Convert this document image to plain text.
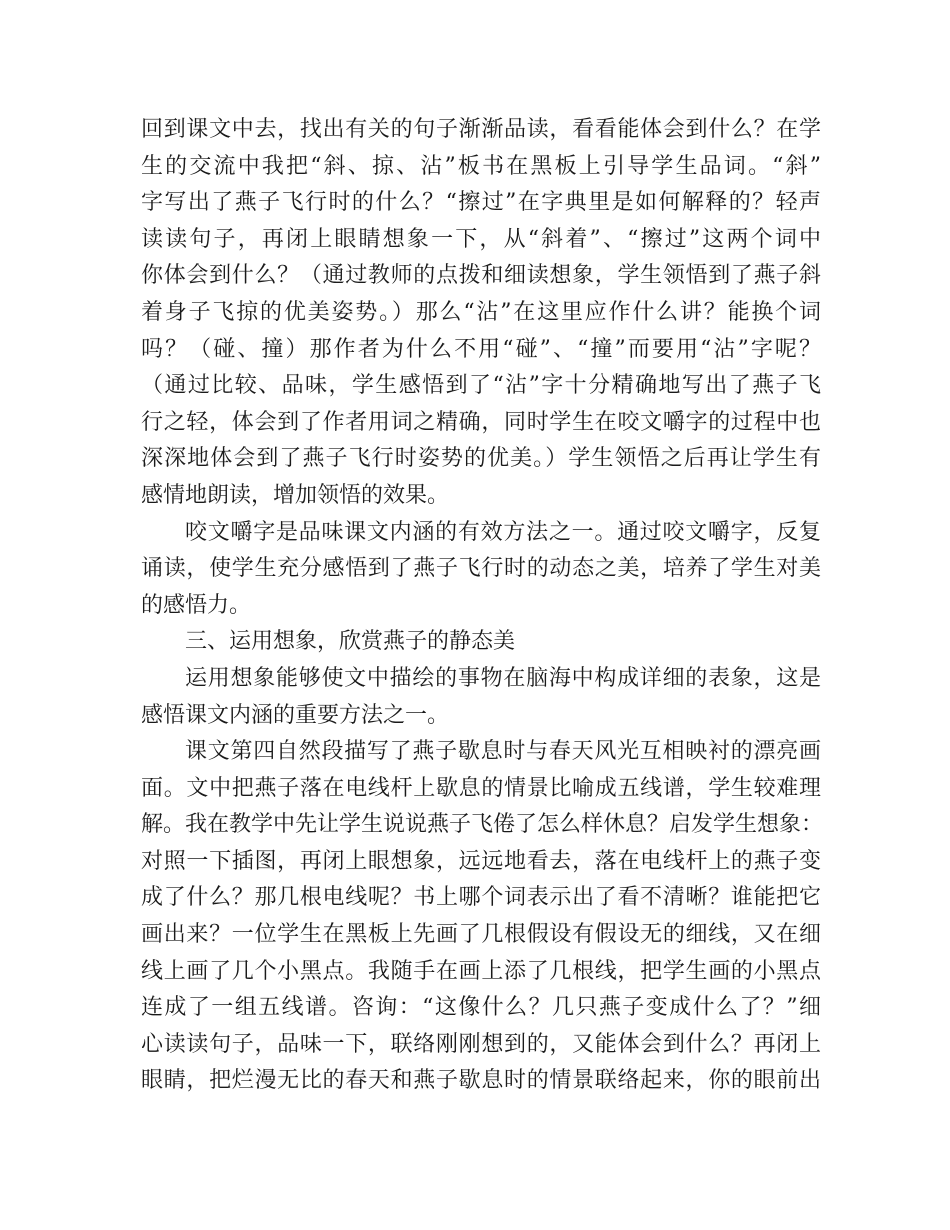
回到课文中去，找出有关的句子渐渐品读，看看能体会到什么？在学
生的交流中我把“斜、掠、沾”板书在黑板上引导学生品词。“斜”
字写出了燕子飞行时的什么？“擦过”在字典里是如何解释的？轻声
读读句子，再闭上眼睛想象一下，从“斜着”、“擦过”这两个词中
你体会到什么？（通过教师的点拨和细读想象，学生领悟到了燕子斜
着身子飞掠的优美姿势。）那么“沾”在这里应作什么讲？能换个词
吗？（碰、撞）那作者为什么不用“碰”、“撞”而要用“沾”字呢？
（通过比较、品味，学生感悟到了“沾”字十分精确地写出了燕子飞
行之轻，体会到了作者用词之精确，同时学生在咬文嚼字的过程中也
深深地体会到了燕子飞行时姿势的优美。）学生领悟之后再让学生有
感情地朗读，增加领悟的效果。
咬文嚼字是品味课文内涵的有效方法之一。通过咬文嚼字，反复
诵读，使学生充分感悟到了燕子飞行时的动态之美，培养了学生对美
的感悟力。
三、运用想象，欣赏燕子的静态美
运用想象能够使文中描绘的事物在脑海中构成详细的表象，这是
感悟课文内涵的重要方法之一。
课文第四自然段描写了燕子歇息时与春天风光互相映衬的漂亮画
面。文中把燕子落在电线杆上歇息的情景比喻成五线谱，学生较难理
解。我在教学中先让学生说说燕子飞倦了怎么样休息？启发学生想象：
对照一下插图，再闭上眼想象，远远地看去，落在电线杆上的燕子变
成了什么？那几根电线呢？书上哪个词表示出了看不清晰？谁能把它
画出来？一位学生在黑板上先画了几根假设有假设无的细线，又在细
线上画了几个小黑点。我随手在画上添了几根线，把学生画的小黑点
连成了一组五线谱。咨询：“这像什么？几只燕子变成什么了？”细
心读读句子，品味一下，联络刚刚想到的，又能体会到什么？再闭上
眼睛，把烂漫无比的春天和燕子歇息时的情景联络起来，你的眼前出
